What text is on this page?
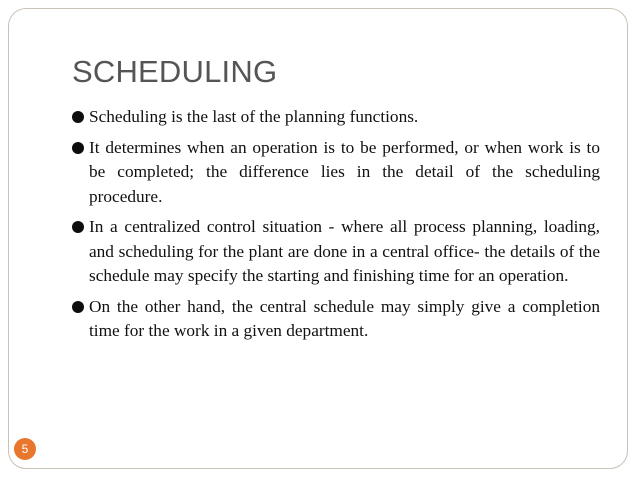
SCHEDULING
Scheduling is the last of the planning functions.
It determines when an operation is to be performed, or when work is to be completed; the difference lies in the detail of the scheduling procedure.
In a centralized control situation - where all process planning, loading, and scheduling for the plant are done in a central office- the details of the schedule may specify the starting and finishing time for an operation.
On the other hand, the central schedule may simply give a completion time for the work in a given department.
5
